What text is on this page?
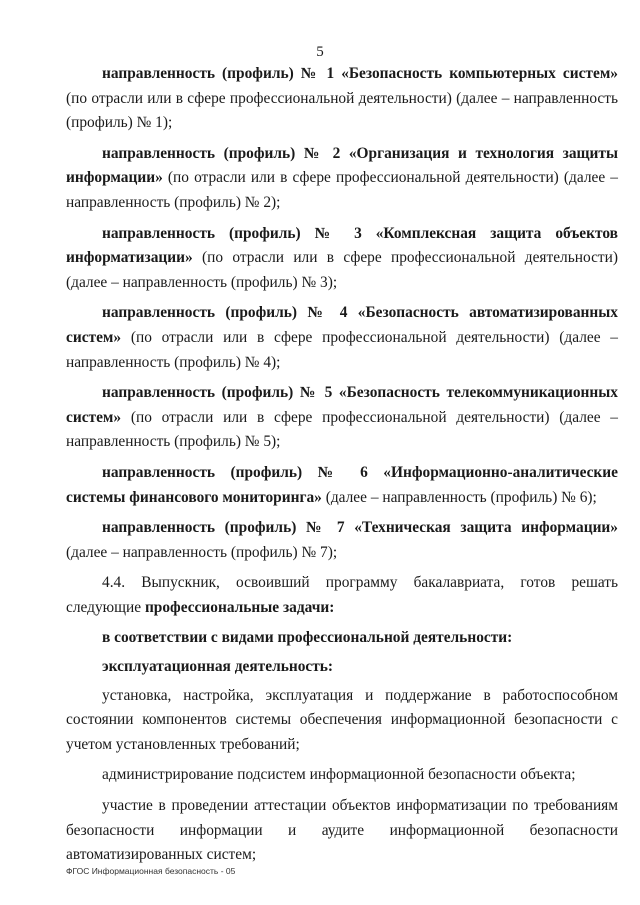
5

направленность (профиль) № 1 «Безопасность компьютерных систем» (по отрасли или в сфере профессиональной деятельности) (далее – направленность (профиль) № 1);

направленность (профиль) № 2 «Организация и технология защиты информации» (по отрасли или в сфере профессиональной деятельности) (далее – направленность (профиль) № 2);

направленность (профиль) № 3 «Комплексная защита объектов информатизации» (по отрасли или в сфере профессиональной деятельности) (далее – направленность (профиль) № 3);

направленность (профиль) № 4 «Безопасность автоматизированных систем» (по отрасли или в сфере профессиональной деятельности) (далее – направленность (профиль) № 4);

направленность (профиль) № 5 «Безопасность телекоммуникационных систем» (по отрасли или в сфере профессиональной деятельности) (далее – направленность (профиль) № 5);

направленность (профиль) № 6 «Информационно-аналитические системы финансового мониторинга» (далее – направленность (профиль) № 6);

направленность (профиль) № 7 «Техническая защита информации» (далее – направленность (профиль) № 7);

4.4. Выпускник, освоивший программу бакалавриата, готов решать следующие профессиональные задачи:

в соответствии с видами профессиональной деятельности:

эксплуатационная деятельность:

установка, настройка, эксплуатация и поддержание в работоспособном состоянии компонентов системы обеспечения информационной безопасности с учетом установленных требований;

администрирование подсистем информационной безопасности объекта;

участие в проведении аттестации объектов информатизации по требованиям безопасности информации и аудите информационной безопасности автоматизированных систем;

ФГОС Информационная безопасность - 05
